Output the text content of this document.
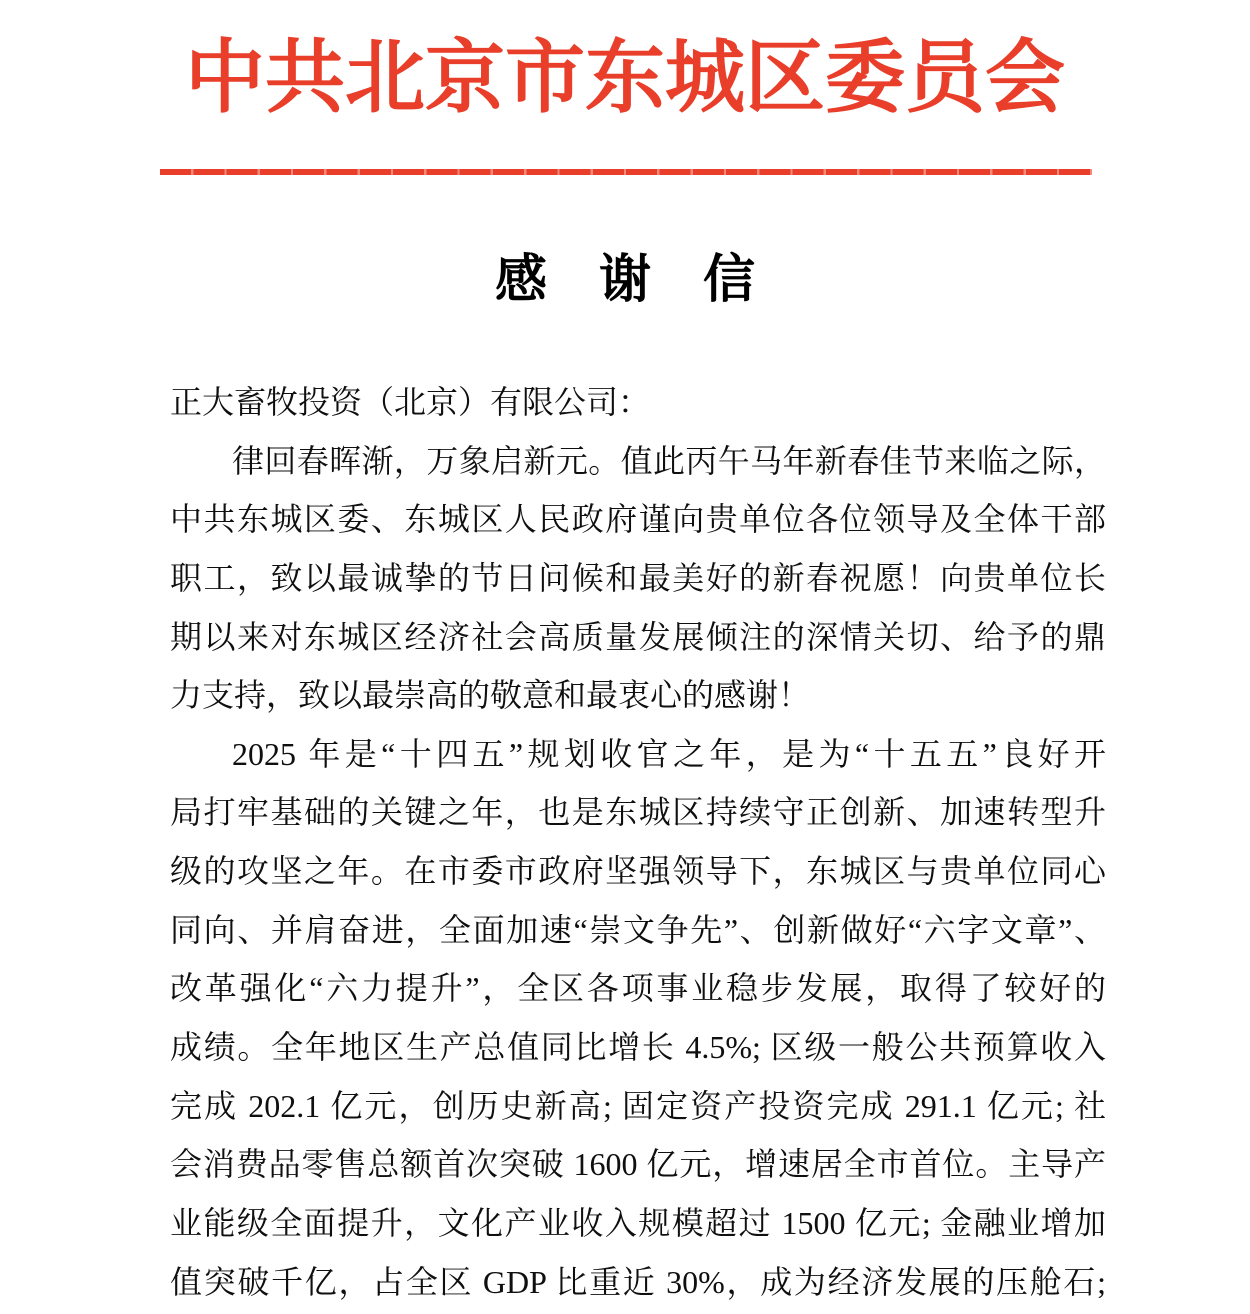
中共北京市东城区委员会
感　谢　信
正大畜牧投资（北京）有限公司：
律回春晖渐，万象启新元。值此丙午马年新春佳节来临之际，
中共东城区委、东城区人民政府谨向贵单位各位领导及全体干部
职工，致以最诚挚的节日问候和最美好的新春祝愿！向贵单位长
期以来对东城区经济社会高质量发展倾注的深情关切、给予的鼎
力支持，致以最崇高的敬意和最衷心的感谢！
2025 年是“十四五”规划收官之年，是为“十五五”良好开
局打牢基础的关键之年，也是东城区持续守正创新、加速转型升
级的攻坚之年。在市委市政府坚强领导下，东城区与贵单位同心
同向、并肩奋进，全面加速“崇文争先”、创新做好“六字文章”、
改革强化“六力提升”，全区各项事业稳步发展，取得了较好的
成绩。全年地区生产总值同比增长 4.5%; 区级一般公共预算收入
完成 202.1 亿元，创历史新高; 固定资产投资完成 291.1 亿元; 社
会消费品零售总额首次突破 1600 亿元，增速居全市首位。主导产
业能级全面提升，文化产业收入规模超过 1500 亿元; 金融业增加
值突破千亿，占全区 GDP 比重近 30%，成为经济发展的压舱石;
